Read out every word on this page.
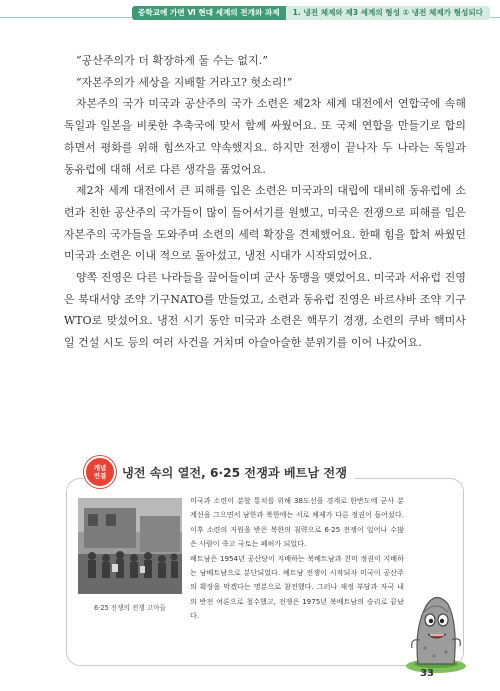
중학교에 가면 Ⅵ 현대 세계의 전개와 과제	1. 냉전 체제와 제3 세계의 형성 ① 냉전 체제가 형성되다

“공산주의가 더 확장하게 둘 수는 없지.”

“자본주의가 세상을 지배할 거라고? 헛소리!”

자본주의 국가 미국과 공산주의 국가 소련은 제2차 세계 대전에서 연합국에 속해 독일과 일본을 비롯한 추축국에 맞서 함께 싸웠어요. 또 국제 연합을 만들기로 합의하면서 평화를 위해 힘쓰자고 약속했지요. 하지만 전쟁이 끝나자 두 나라는 독일과 동유럽에 대해 서로 다른 생각을 품었어요.

제2차 세계 대전에서 큰 피해를 입은 소련은 미국과의 대립에 대비해 동유럽에 소련과 친한 공산주의 국가들이 많이 들어서기를 원했고, 미국은 전쟁으로 피해를 입은 자본주의 국가들을 도와주며 소련의 세력 확장을 견제했어요. 한때 힘을 합쳐 싸웠던 미국과 소련은 이내 적으로 돌아섰고, 냉전 시대가 시작되었어요.

양쪽 진영은 다른 나라들을 끌어들이며 군사 동맹을 맺었어요. 미국과 서유럽 진영은 북대서양 조약 기구NATO를 만들었고, 소련과 동유럽 진영은 바르샤바 조약 기구WTO로 맞섰어요. 냉전 시기 동안 미국과 소련은 핵무기 경쟁, 소련의 쿠바 핵미사일 건설 시도 등의 여러 사건을 거치며 아슬아슬한 분위기를 이어 나갔어요.

개념
연결 냉전 속의 열전, 6·25 전쟁과 베트남 전쟁
6·25 전쟁의 전쟁 고아들

미국과 소련이 분할 통치를 위해 38도선을 경계로 한반도에 군사 분계선을 그으면서 남한과 북한에는 서로 체제가 다른 정권이 들어섰다. 이후 소련의 지원을 받은 북한의 침략으로 6·25 전쟁이 일어나 수많은 사람이 죽고 국토는 폐허가 되었다.

베트남은 1954년 공산당이 지배하는 북베트남과 친미 정권이 지배하는 남베트남으로 분단되었다. 베트남 전쟁이 시작되자 미국이 공산주의 확장을 막겠다는 명분으로 참전했다. 그러나 재정 부담과 자국 내의 반전 여론으로 철수했고, 전쟁은 1975년 북베트남의 승리로 끝났다.

33
